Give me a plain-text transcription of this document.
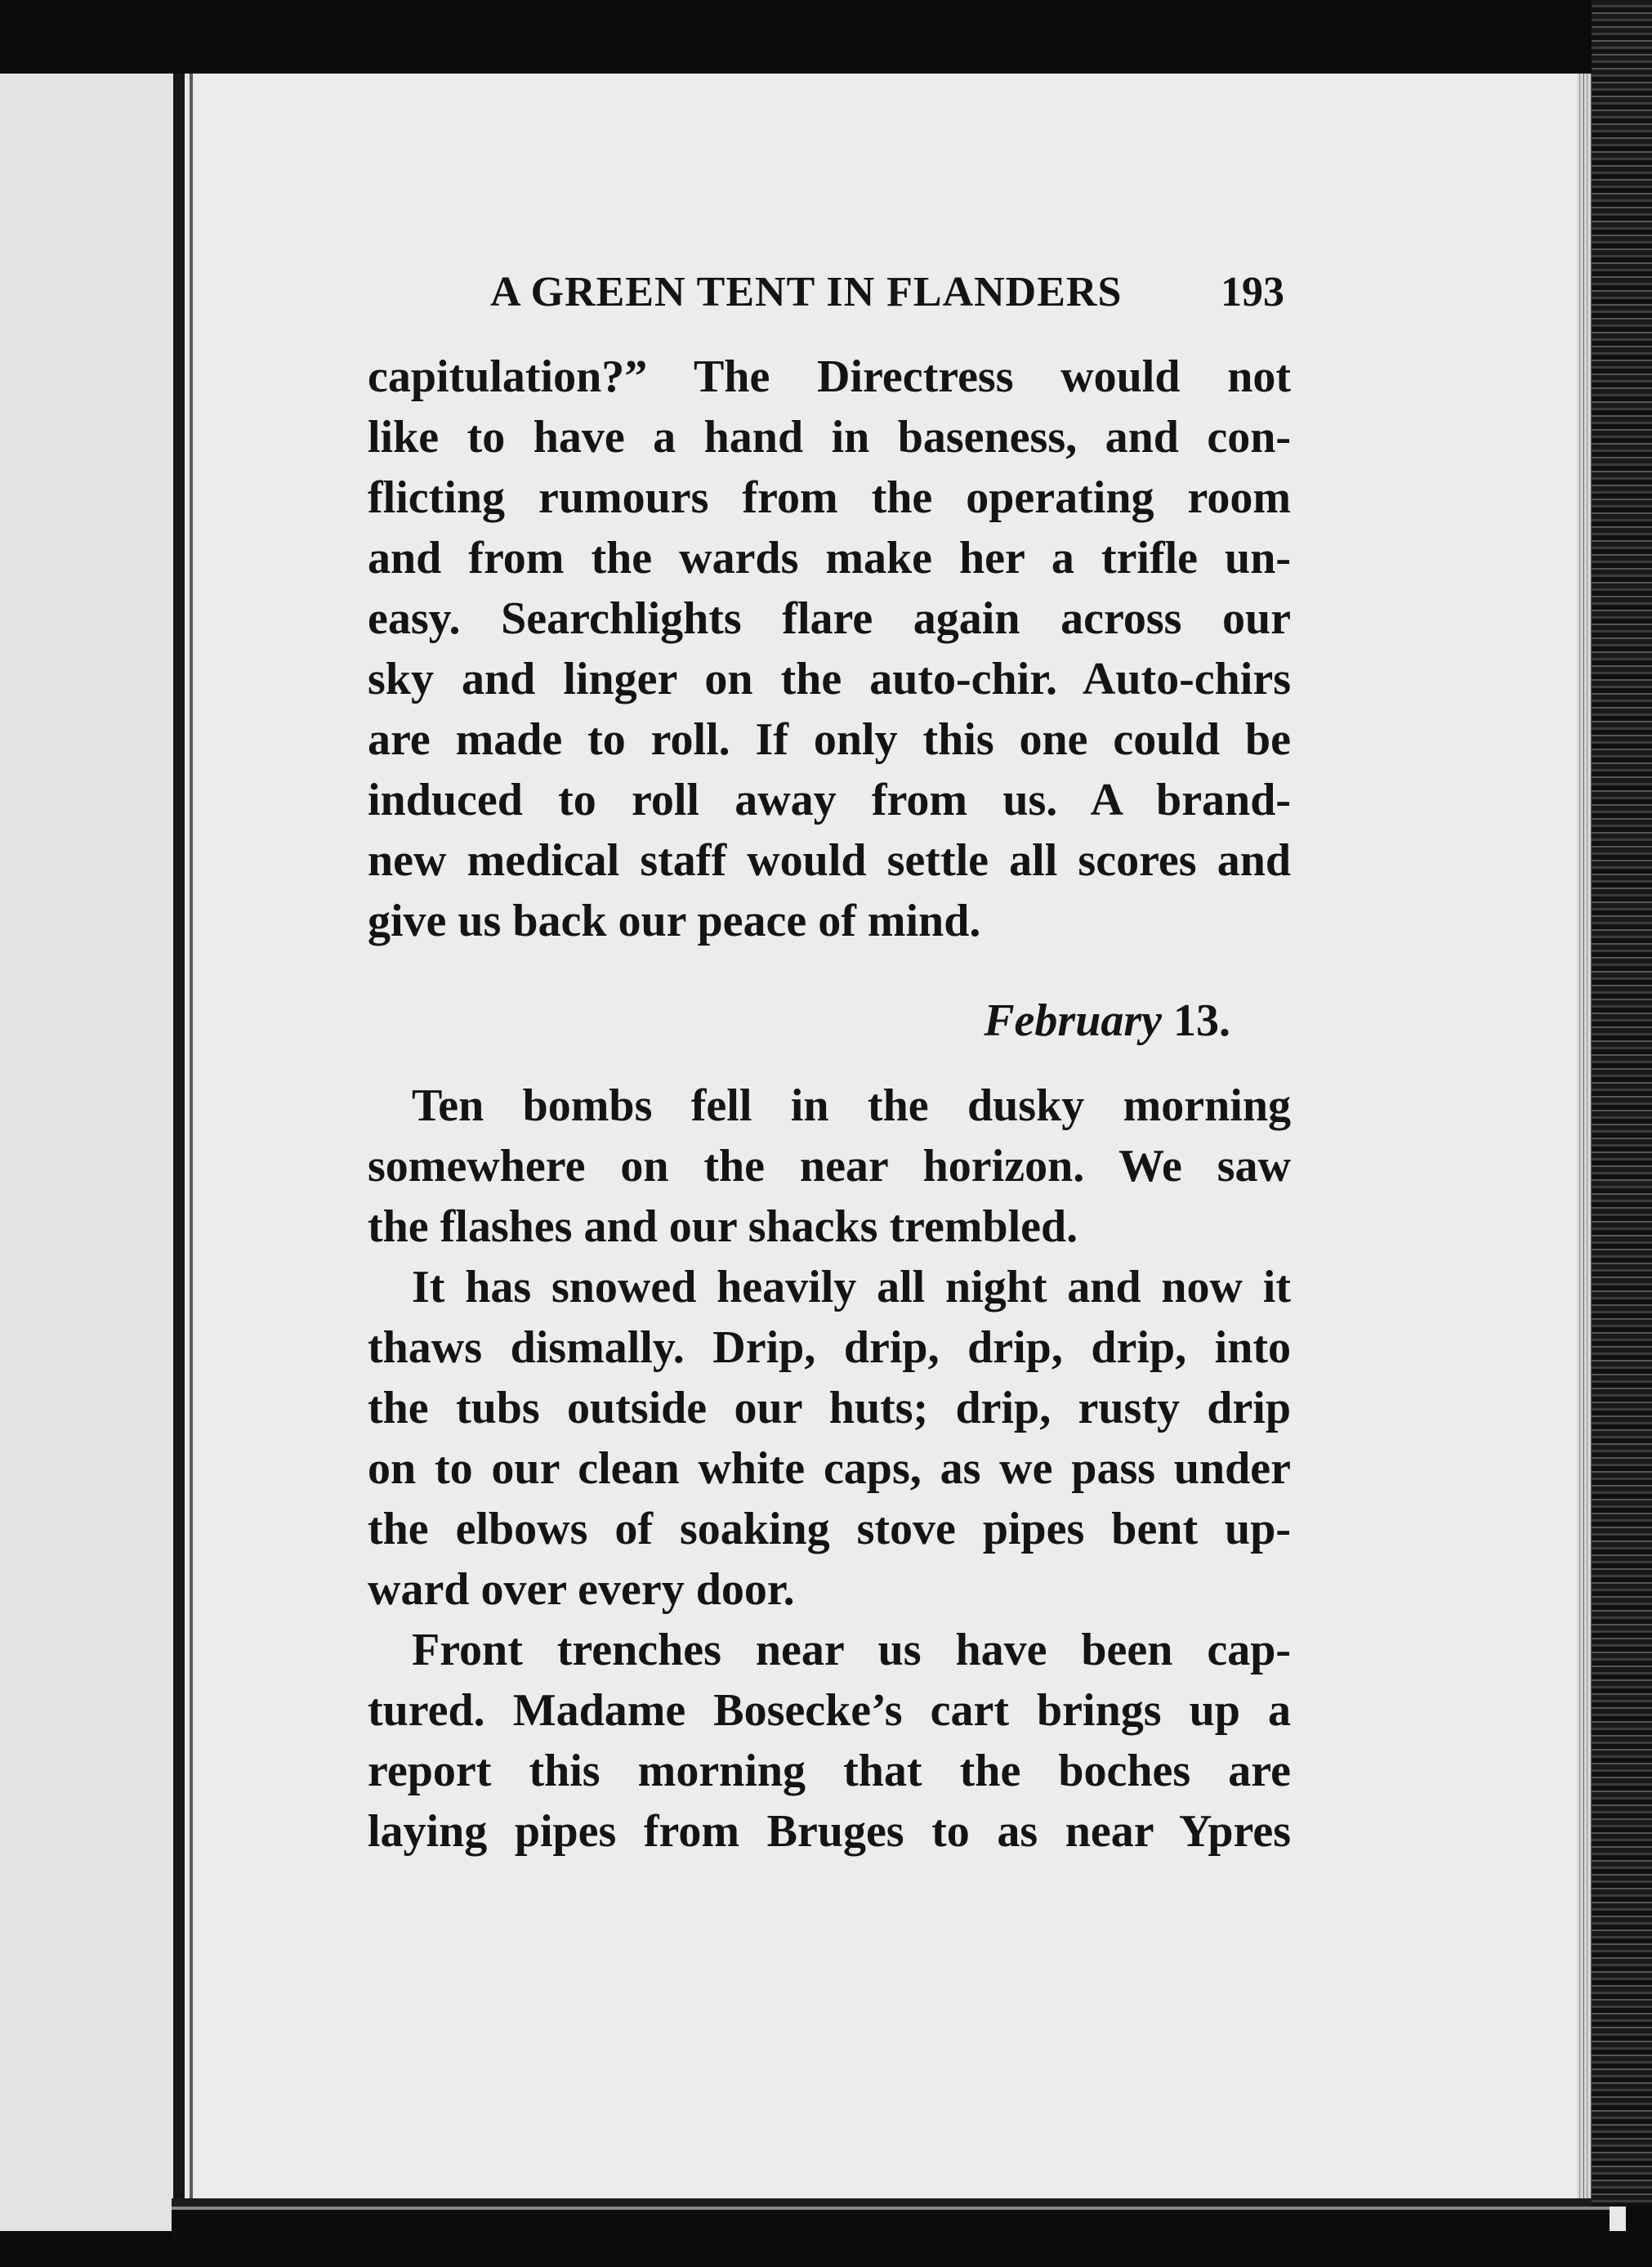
A GREEN TENT IN FLANDERS 193
capitulation?” The Directress would not
like to have a hand in baseness, and con-
flicting rumours from the operating room
and from the wards make her a trifle un-
easy. Searchlights flare again across our
sky and linger on the auto-chir. Auto-chirs
are made to roll. If only this one could be
induced to roll away from us. A brand-
new medical staff would settle all scores and
give us back our peace of mind.
February 13.
Ten bombs fell in the dusky morning
somewhere on the near horizon. We saw
the flashes and our shacks trembled.
It has snowed heavily all night and now it
thaws dismally. Drip, drip, drip, drip, into
the tubs outside our huts; drip, rusty drip
on to our clean white caps, as we pass under
the elbows of soaking stove pipes bent up-
ward over every door.
Front trenches near us have been cap-
tured. Madame Bosecke’s cart brings up a
report this morning that the boches are
laying pipes from Bruges to as near Ypres
